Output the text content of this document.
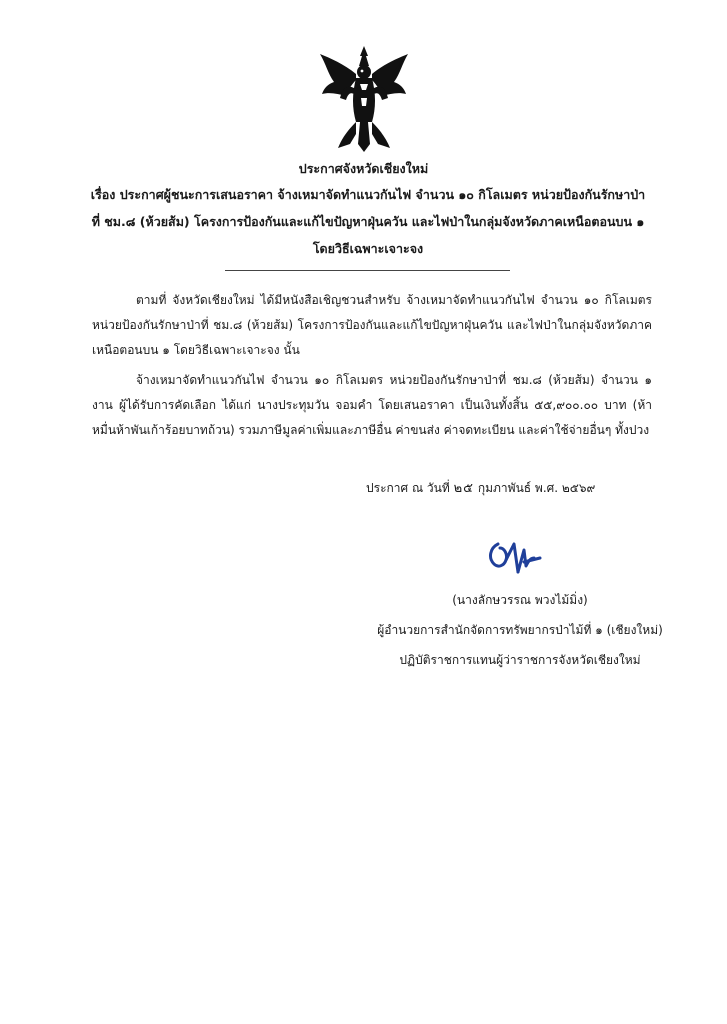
ประกาศจังหวัดเชียงใหม่
เรื่อง ประกาศผู้ชนะการเสนอราคา จ้างเหมาจัดทำแนวกันไฟ จำนวน ๑๐ กิโลเมตร หน่วยป้องกันรักษาป่าที่ ชม.๘ (ห้วยส้ม) โครงการป้องกันและแก้ไขปัญหาฝุ่นควัน และไฟป่าในกลุ่มจังหวัดภาคเหนือตอนบน ๑ โดยวิธีเฉพาะเจาะจง
ตามที่ จังหวัดเชียงใหม่ ได้มีหนังสือเชิญชวนสำหรับ จ้างเหมาจัดทำแนวกันไฟ จำนวน ๑๐ กิโลเมตร หน่วยป้องกันรักษาป่าที่ ชม.๘ (ห้วยส้ม) โครงการป้องกันและแก้ไขปัญหาฝุ่นควัน และไฟป่าในกลุ่มจังหวัดภาคเหนือตอนบน ๑ โดยวิธีเฉพาะเจาะจง นั้น
จ้างเหมาจัดทำแนวกันไฟ จำนวน ๑๐ กิโลเมตร หน่วยป้องกันรักษาป่าที่ ชม.๘ (ห้วยส้ม) จำนวน ๑ งาน ผู้ได้รับการคัดเลือก ได้แก่ นางประทุมวัน จอมคำ โดยเสนอราคา เป็นเงินทั้งสิ้น ๕๕,๙๐๐.๐๐ บาท (ห้าหมื่นห้าพันเก้าร้อยบาทถ้วน) รวมภาษีมูลค่าเพิ่มและภาษีอื่น ค่าขนส่ง ค่าจดทะเบียน และค่าใช้จ่ายอื่นๆ ทั้งปวง
ประกาศ ณ วันที่ ๒๕ กุมภาพันธ์ พ.ศ. ๒๕๖๙
(นางลักษวรรณ พวงไม้มิ่ง)
ผู้อำนวยการสำนักจัดการทรัพยากรป่าไม้ที่ ๑ (เชียงใหม่)
ปฏิบัติราชการแทนผู้ว่าราชการจังหวัดเชียงใหม่
